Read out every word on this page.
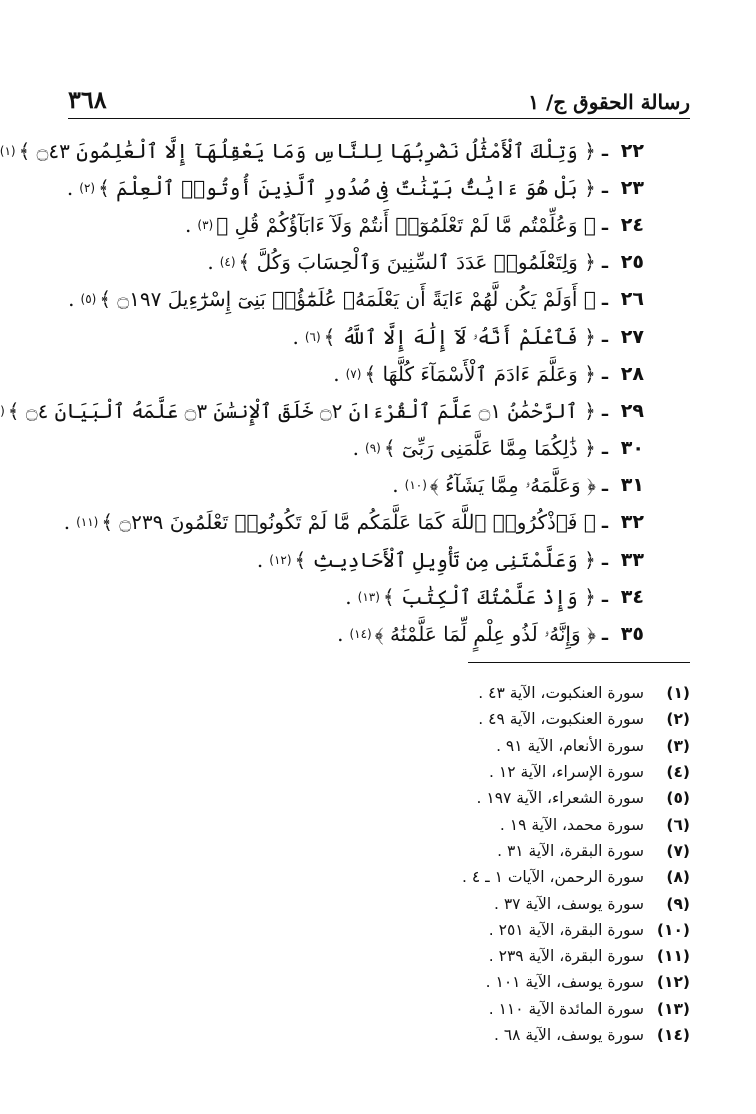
رسالة الحقوق ج/ ١
٣٦٨
٢٢
ـ
﴿ وَتِلْكَ ٱلْأَمْثَٰلُ نَضْرِبُهَا لِلنَّاسِ وَمَا يَعْقِلُهَآ إِلَّا ٱلْعَٰلِمُونَ ۝٤٣ ﴾
(١)
٢٣
ـ
﴿ بَلْ هُوَ ءَايَٰتٌۢ بَيِّنَٰتٌ فِى صُدُورِ ٱلَّذِينَ أُوتُوا۟ ٱلْعِلْمَ ﴾
(٢)
.
٢٤
ـ
﴿ وَعُلِّمْتُم مَّا لَمْ تَعْلَمُوٓا۟ أَنتُمْ وَلَآ ءَابَآؤُكُمْ قُلِ ﴾
(٣)
.
٢٥
ـ
﴿ وَلِتَعْلَمُوا۟ عَدَدَ ٱلسِّنِينَ وَٱلْحِسَابَ وَكُلَّ ﴾
(٤)
.
٢٦
ـ
﴿ أَوَلَمْ يَكُن لَّهُمْ ءَايَةً أَن يَعْلَمَهُۥ عُلَمَٰٓؤُا۟ بَنِىٓ إِسْرَٰٓءِيلَ ۝١٩٧ ﴾
(٥)
.
٢٧
ـ
﴿ فَٱعْلَمْ أَنَّهُۥ لَآ إِلَٰهَ إِلَّا ٱللَّهُ ﴾
(٦)
.
٢٨
ـ
﴿ وَعَلَّمَ ءَادَمَ ٱلْأَسْمَآءَ كُلَّهَا ﴾
(٧)
.
٢٩
ـ
﴿ ٱلرَّحْمَٰنُ ۝١ عَلَّمَ ٱلْقُرْءَانَ ۝٢ خَلَقَ ٱلْإِنسَٰنَ ۝٣ عَلَّمَهُ ٱلْبَيَانَ ۝٤ ﴾
(
٣٠
ـ
﴿ ذَٰلِكُمَا مِمَّا عَلَّمَنِى رَبِّىٓ ﴾
(٩)
.
٣١
ـ
﴿ وَعَلَّمَهُۥ مِمَّا يَشَآءُ ﴾
(١٠)
.
٣٢
ـ
﴿ فَٱذْكُرُوا۟ ٱللَّهَ كَمَا عَلَّمَكُم مَّا لَمْ تَكُونُوا۟ تَعْلَمُونَ ۝٢٣٩ ﴾
(١١)
.
٣٣
ـ
﴿ وَعَلَّمْتَنِى مِن تَأْوِيلِ ٱلْأَحَادِيثِ ﴾
(١٢)
.
٣٤
ـ
﴿ وَإِذْ عَلَّمْتُكَ ٱلْكِتَٰبَ ﴾
(١٣)
.
٣٥
ـ
﴿ وَإِنَّهُۥ لَذُو عِلْمٍ لِّمَا عَلَّمْنَٰهُ ﴾
(١٤)
.
(١)
سورة العنكبوت، الآية ٤٣ .
(٢)
سورة العنكبوت، الآية ٤٩ .
(٣)
سورة الأنعام، الآية ٩١ .
(٤)
سورة الإسراء، الآية ١٢ .
(٥)
سورة الشعراء، الآية ١٩٧ .
(٦)
سورة محمد، الآية ١٩ .
(٧)
سورة البقرة، الآية ٣١ .
(٨)
سورة الرحمن، الآيات ١ ـ ٤ .
(٩)
سورة يوسف، الآية ٣٧ .
(١٠)
سورة البقرة، الآية ٢٥١ .
(١١)
سورة البقرة، الآية ٢٣٩ .
(١٢)
سورة يوسف، الآية ١٠١ .
(١٣)
سورة المائدة الآية ١١٠ .
(١٤)
سورة يوسف، الآية ٦٨ .
